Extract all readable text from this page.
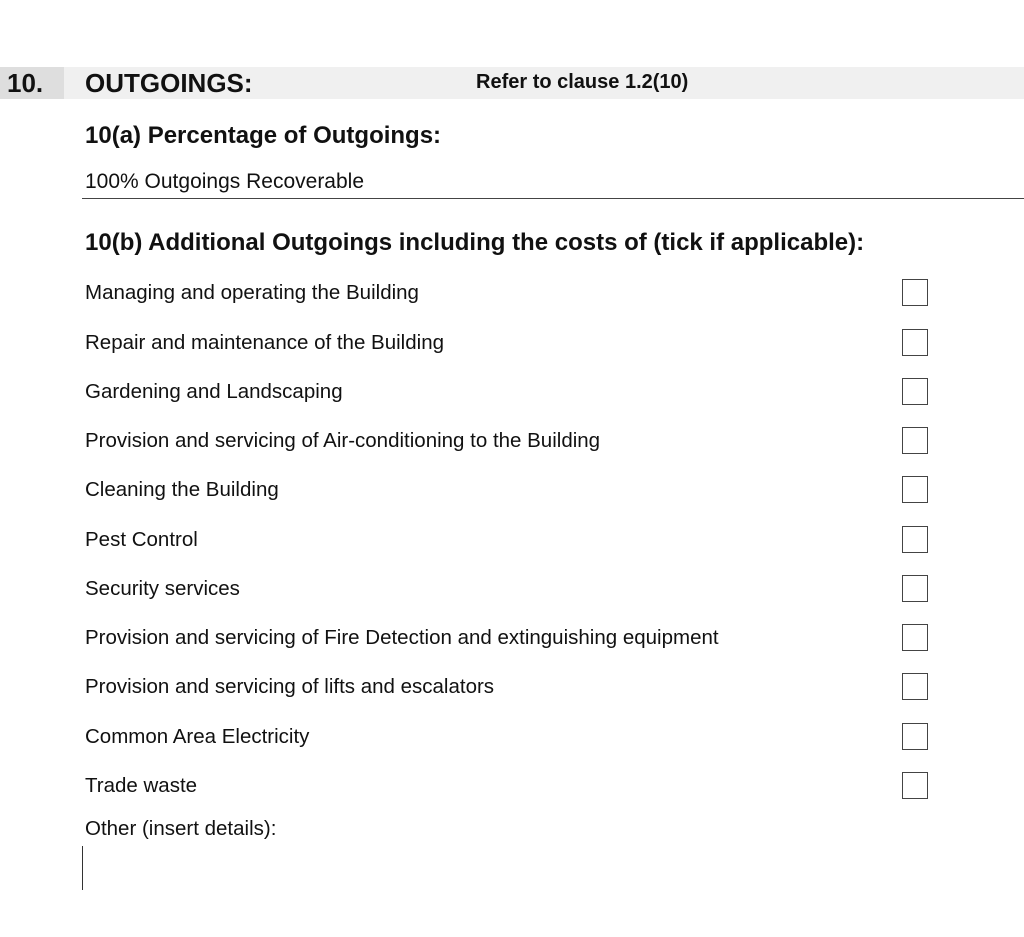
10. OUTGOINGS:	Refer to clause 1.2(10)
10(a) Percentage of Outgoings:
100% Outgoings Recoverable
10(b) Additional Outgoings including the costs of (tick if applicable):
Managing and operating the Building
Repair and maintenance of the Building
Gardening and Landscaping
Provision and servicing of Air-conditioning to the Building
Cleaning the Building
Pest Control
Security services
Provision and servicing of Fire Detection and extinguishing equipment
Provision and servicing of lifts and escalators
Common Area Electricity
Trade waste
Other (insert details):
